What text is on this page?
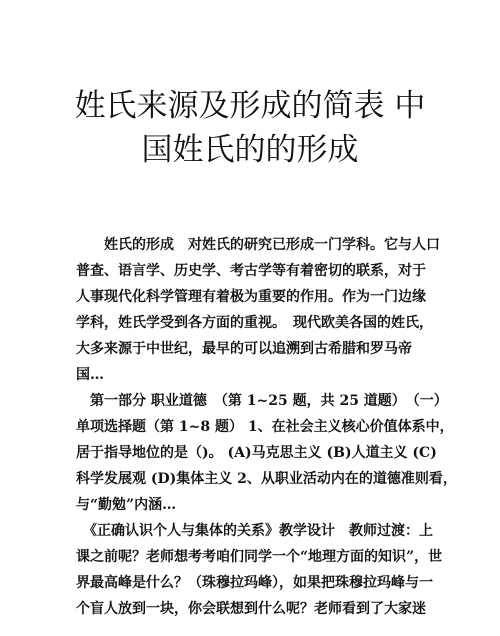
姓氏来源及形成的简表 中
国姓氏的的形成
　　姓氏的形成　对姓氏的研究已形成一门学科。它与人口
普查、语言学、历史学、考古学等有着密切的联系，对于
人事现代化科学管理有着极为重要的作用。作为一门边缘
学科，姓氏学受到各方面的重视。　现代欧美各国的姓氏，
大多来源于中世纪，最早的可以追溯到古希腊和罗马帝
国…
　第一部分 职业道德　（第 1~25 题，共 25 道题）　（一）
单项选择题（第 1~8 题） 1、在社会主义核心价值体系中，
居于指导地位的是（)。 (A)马克思主义 (B)人道主义 (C)
科学发展观 (D)集体主义 2、从职业活动内在的道德准则看，
与“勤勉”内涵…
　《正确认识个人与集体的关系》教学设计　教师过渡：上
课之前呢？老师想考考咱们同学一个“地理方面的知识”，世
界最高峰是什么？（珠穆拉玛峰），如果把珠穆拉玛峰与一
个盲人放到一块，你会联想到什么呢？老师看到了大家迷
